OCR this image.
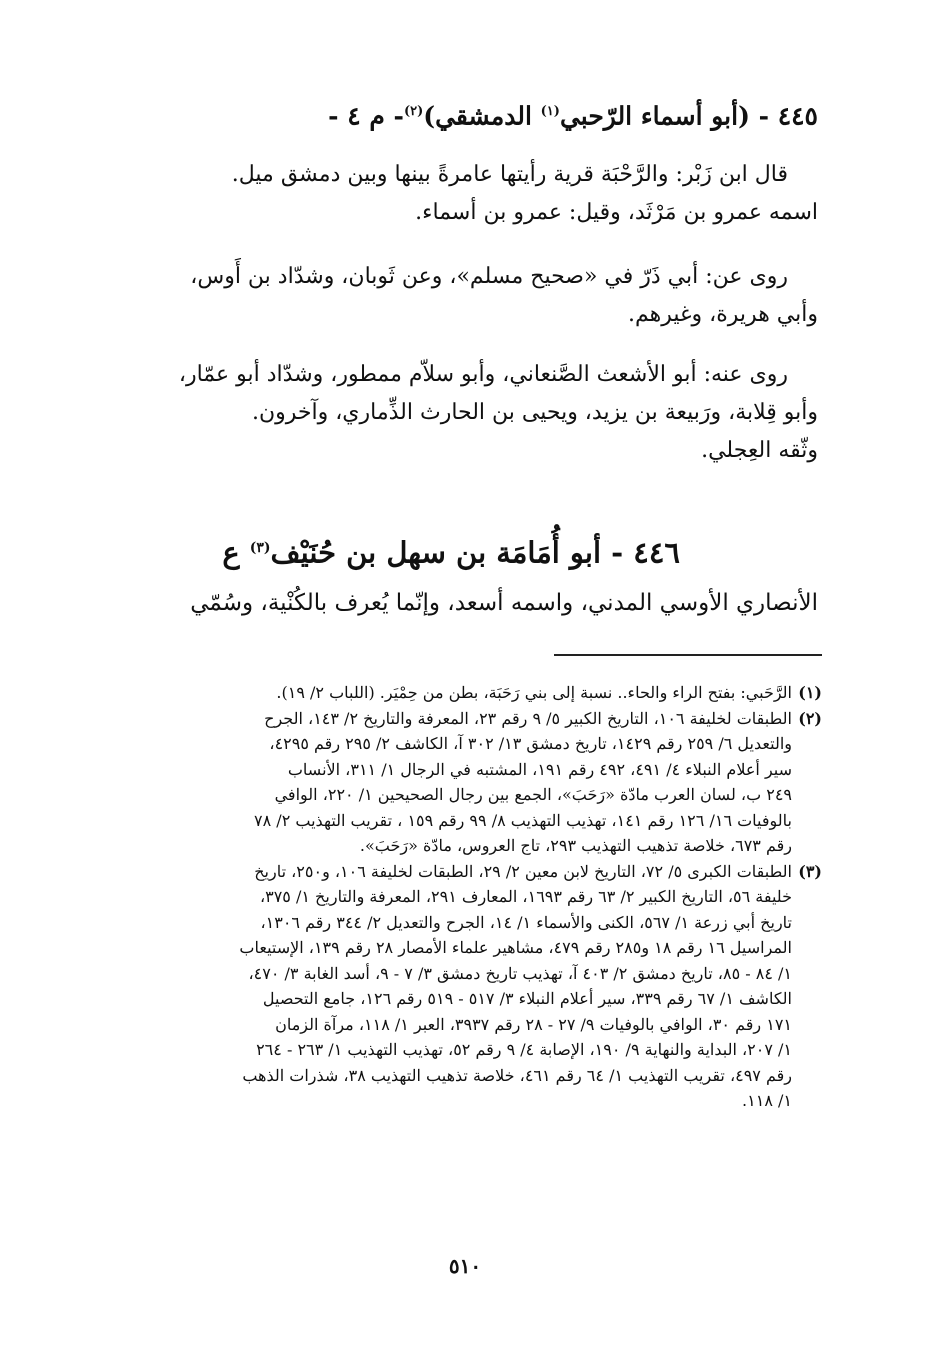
٤٤٥ - (أبو أسماء الرّحبي$^{(١)}$ الدمشقي)$^{(٢)}$- م ٤ -

قال ابن زَبْر: والرَّحْبَة قرية رأيتها عامرةً بينها وبين دمشق ميل.
اسمه عمرو بن مَرْثَد، وقيل: عمرو بن أسماء.

روى عن: أبي ذَرّ في «صحيح مسلم»، وعن ثَوبان، وشدّاد بن أَوس،
وأبي هريرة، وغيرهم.

روى عنه: أبو الأشعث الصَّنعاني، وأبو سلاّم ممطور، وشدّاد أبو عمّار،
وأبو قِلابة، ورَبيعة بن يزيد، ويحيى بن الحارث الذِّماري، وآخرون.
وثّقه العِجلي.

٤٤٦ - أبو أُمَامَة بن سهل بن حُنَيْف$^{(٣)}$ ع

الأنصاري الأوسي المدني، واسمه أسعد، وإنّما يُعرف بالكُنْية، وسُمّي

(١)
الرَّحَبي: بفتح الراء والحاء.. نسبة إلى بني رَحَبَة، بطن من حِمْيَر. (اللباب ٢/ ١٩).
(٢)
الطبقات لخليفة ١٠٦، التاريخ الكبير ٥/ ٩ رقم ٢٣، المعرفة والتاريخ ٢/ ١٤٣، الجرح
والتعديل ٦/ ٢٥٩ رقم ١٤٢٩، تاريخ دمشق ١٣/ ٣٠٢ آ، الكاشف ٢/ ٢٩٥ رقم ٤٢٩٥،
سير أعلام النبلاء ٤/ ٤٩١، ٤٩٢ رقم ١٩١، المشتبه في الرجال ١/ ٣١١، الأنساب
٢٤٩ ب، لسان العرب مادّة «رَحَبَ»، الجمع بين رجال الصحيحين ١/ ٢٢٠، الوافي
بالوفيات ١٦/ ١٢٦ رقم ١٤١، تهذيب التهذيب ٨/ ٩٩ رقم ١٥٩ ، تقريب التهذيب ٢/ ٧٨
رقم ٦٧٣، خلاصة تذهيب التهذيب ٢٩٣، تاج العروس، مادّة «رَحَبَ».
(٣)
الطبقات الكبرى ٥/ ٧٢، التاريخ لابن معين ٢/ ٢٩، الطبقات لخليفة ١٠٦، و٢٥٠، تاريخ
خليفة ٥٦، التاريخ الكبير ٢/ ٦٣ رقم ١٦٩٣، المعارف ٢٩١، المعرفة والتاريخ ١/ ٣٧٥،
تاريخ أبي زرعة ١/ ٥٦٧، الكنى والأسماء ١/ ١٤، الجرح والتعديل ٢/ ٣٤٤ رقم ١٣٠٦،
المراسيل ١٦ رقم ١٨ و٢٨٥ رقم ٤٧٩، مشاهير علماء الأمصار ٢٨ رقم ١٣٩، الإستيعاب
١/ ٨٤ - ٨٥، تاريخ دمشق ٢/ ٤٠٣ آ، تهذيب تاريخ دمشق ٣/ ٧ - ٩، أسد الغابة ٣/ ٤٧٠،
الكاشف ١/ ٦٧ رقم ٣٣٩، سير أعلام النبلاء ٣/ ٥١٧ - ٥١٩ رقم ١٢٦، جامع التحصيل
١٧١ رقم ٣٠، الوافي بالوفيات ٩/ ٢٧ - ٢٨ رقم ٣٩٣٧، العبر ١/ ١١٨، مرآة الزمان
١/ ٢٠٧، البداية والنهاية ٩/ ١٩٠، الإصابة ٤/ ٩ رقم ٥٢، تهذيب التهذيب ١/ ٢٦٣ - ٢٦٤
رقم ٤٩٧، تقريب التهذيب ١/ ٦٤ رقم ٤٦١، خلاصة تذهيب التهذيب ٣٨، شذرات الذهب
١/ ١١٨.
٥١٠
